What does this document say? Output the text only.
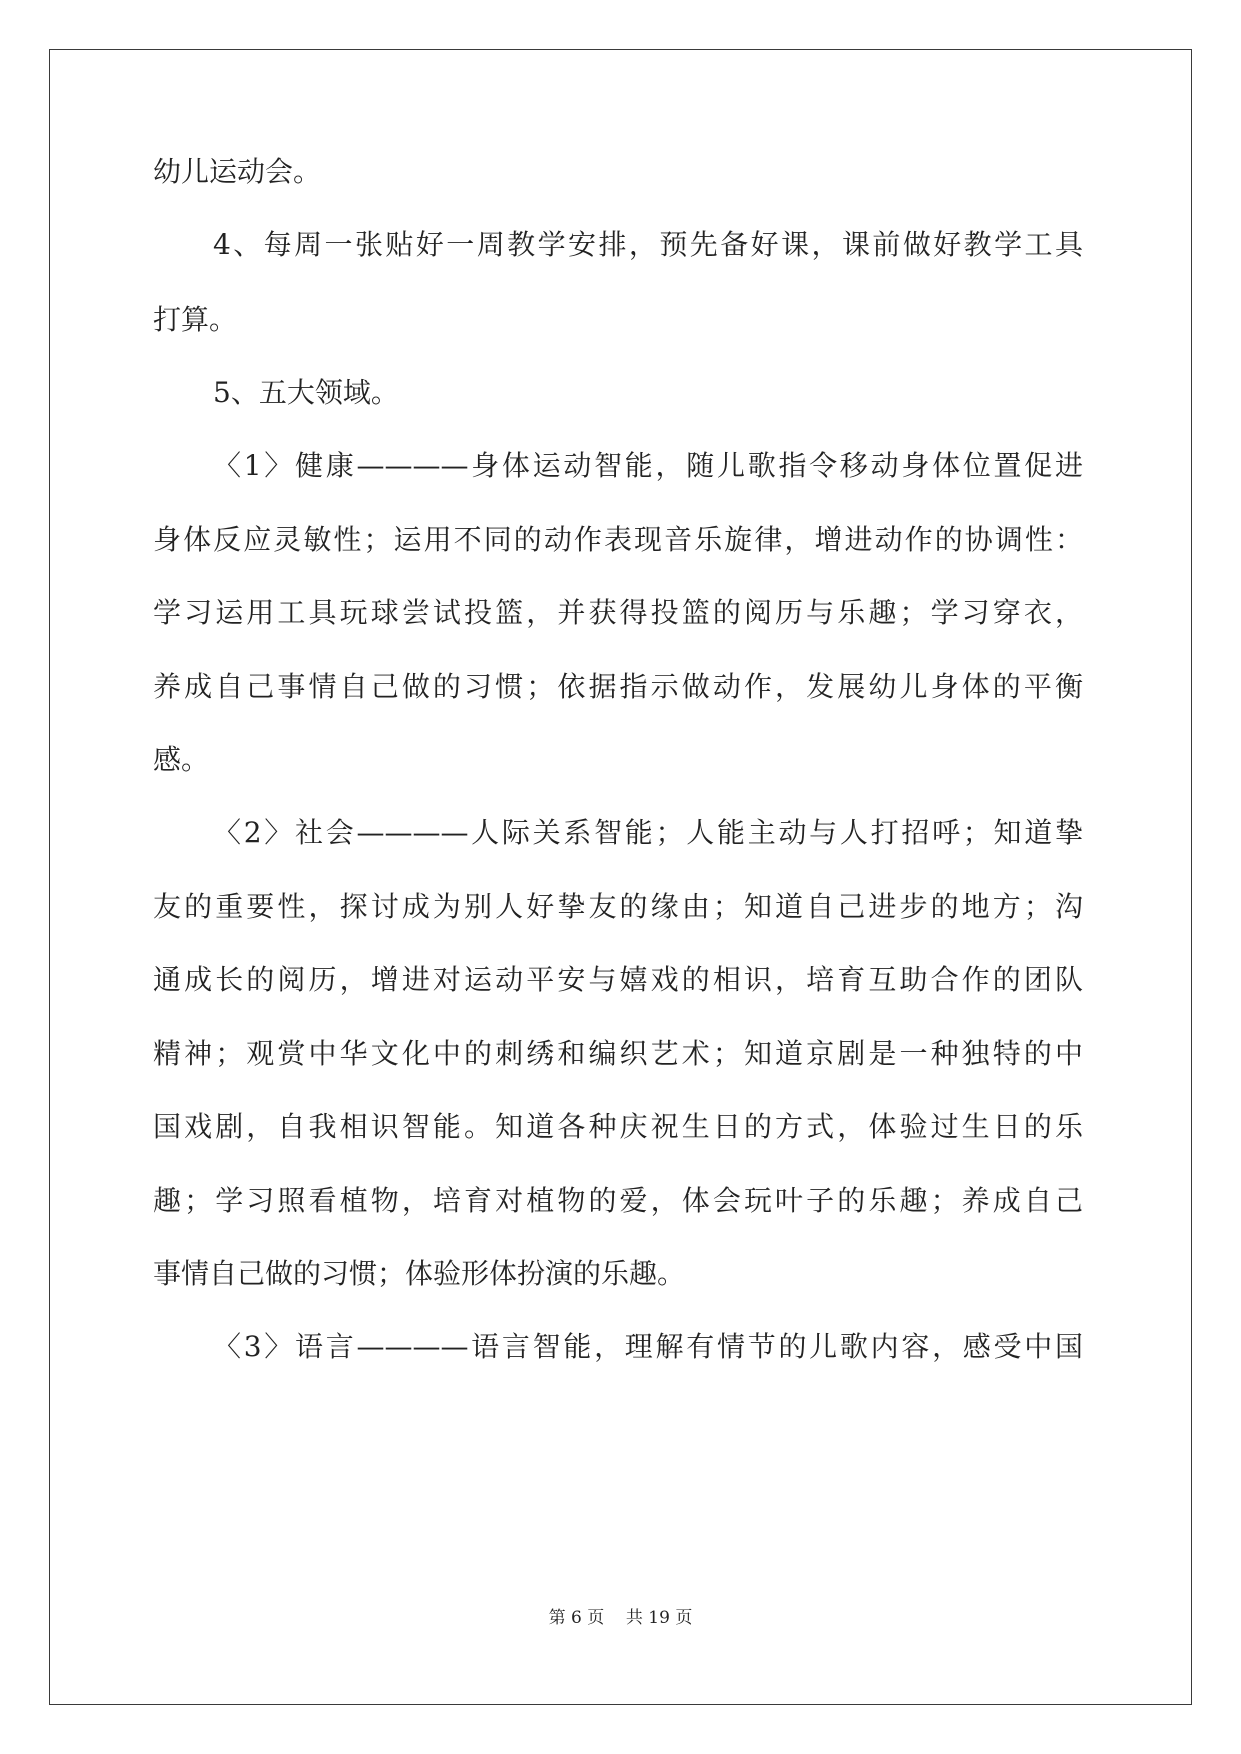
幼儿运动会。
4、每周一张贴好一周教学安排，预先备好课，课前做好教学工具
打算。
5、五大领域。
〈1〉健康————身体运动智能，随儿歌指令移动身体位置促进
身体反应灵敏性；运用不同的动作表现音乐旋律，增进动作的协调性：
学习运用工具玩球尝试投篮，并获得投篮的阅历与乐趣；学习穿衣，
养成自己事情自己做的习惯；依据指示做动作，发展幼儿身体的平衡
感。
〈2〉社会————人际关系智能；人能主动与人打招呼；知道挚
友的重要性，探讨成为别人好挚友的缘由；知道自己进步的地方；沟
通成长的阅历，增进对运动平安与嬉戏的相识，培育互助合作的团队
精神；观赏中华文化中的刺绣和编织艺术；知道京剧是一种独特的中
国戏剧，自我相识智能。知道各种庆祝生日的方式，体验过生日的乐
趣；学习照看植物，培育对植物的爱，体会玩叶子的乐趣；养成自己
事情自己做的习惯；体验形体扮演的乐趣。
〈3〉语言————语言智能，理解有情节的儿歌内容，感受中国
第 6 页    共 19 页
